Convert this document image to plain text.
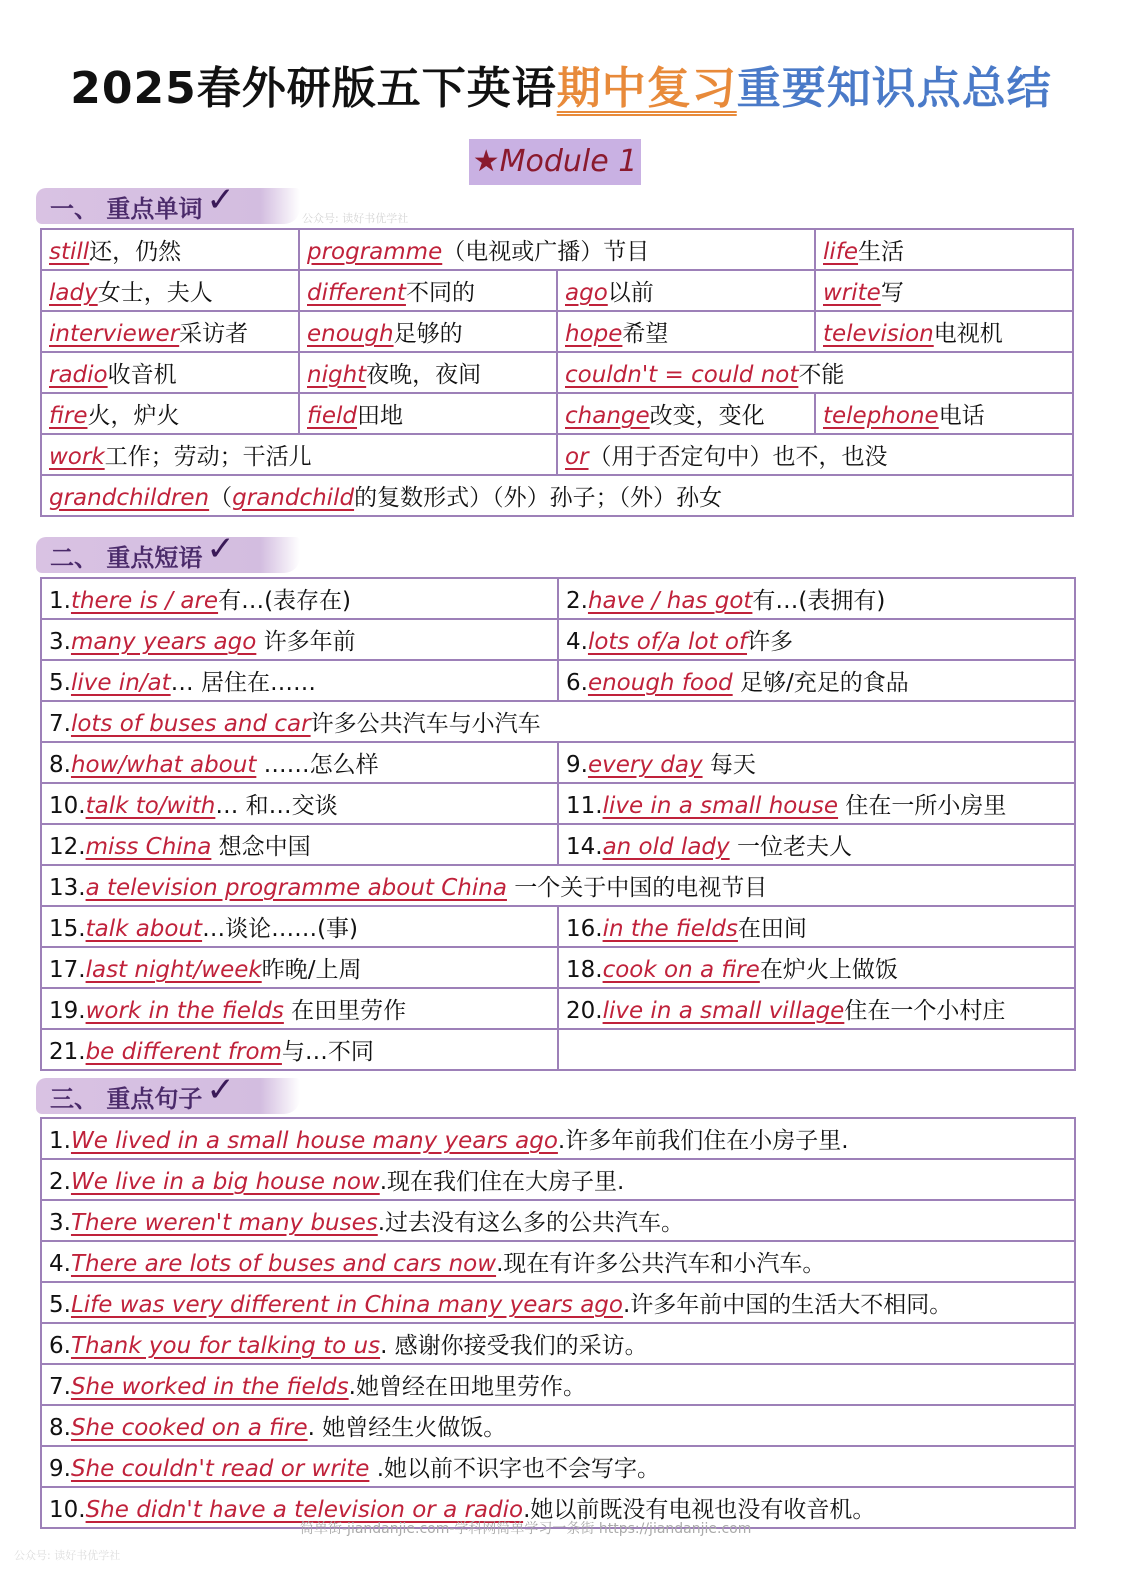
2025春外研版五下英语期中复习重要知识点总结
★Module 1
一、 重点单词 ✓	公众号: 读好书优学社
still还，仍然	programme（电视或广播）节目		life生活
lady女士，夫人	different不同的	ago以前	write写
interviewer采访者	enough足够的	hope希望	television电视机
radio收音机	night夜晚，夜间	couldn't = could not不能	
fire火，炉火	field田地	change改变，变化	telephone电话
work工作；劳动；干活儿		or（用于否定句中）也不，也没	
grandchildren（grandchild的复数形式）（外）孙子；（外）孙女			
二、 重点短语 ✓
1.there is / are有…(表存在)	2.have / has got有…(表拥有)
3.many years ago 许多年前	4.lots of/a lot of许多
5.live in/at… 居住在……	6.enough food 足够/充足的食品
7.lots of buses and car许多公共汽车与小汽车	
8.how/what about ……怎么样	9.every day 每天
10.talk to/with… 和…交谈	11.live in a small house 住在一所小房里
12.miss China 想念中国	14.an old lady 一位老夫人
13.a television programme about China 一个关于中国的电视节目	
15.talk about…谈论……(事)	16.in the fields在田间
17.last night/week昨晚/上周	18.cook on a fire在炉火上做饭
19.work in the fields 在田里劳作	20.live in a small village住在一个小村庄
21.be different from与…不同	
三、 重点句子 ✓
1.We lived in a small house many years ago.许多年前我们住在小房子里.
2.We live in a big house now.现在我们住在大房子里.
3.There weren't many buses.过去没有这么多的公共汽车。
4.There are lots of buses and cars now.现在有许多公共汽车和小汽车。
5.Life was very different in China many years ago.许多年前中国的生活大不相同。
6.Thank you for talking to us. 感谢你接受我们的采访。
7.She worked in the fields.她曾经在田地里劳作。
8.She cooked on a fire. 她曾经生火做饭。
9.She couldn't read or write .她以前不识字也不会写字。
10.She didn't have a television or a radio.她以前既没有电视也没有收音机。
简单街-jiandanjie.com-学科网简单学习一条街 https://jiandanjie.com
公众号: 读好书优学社
